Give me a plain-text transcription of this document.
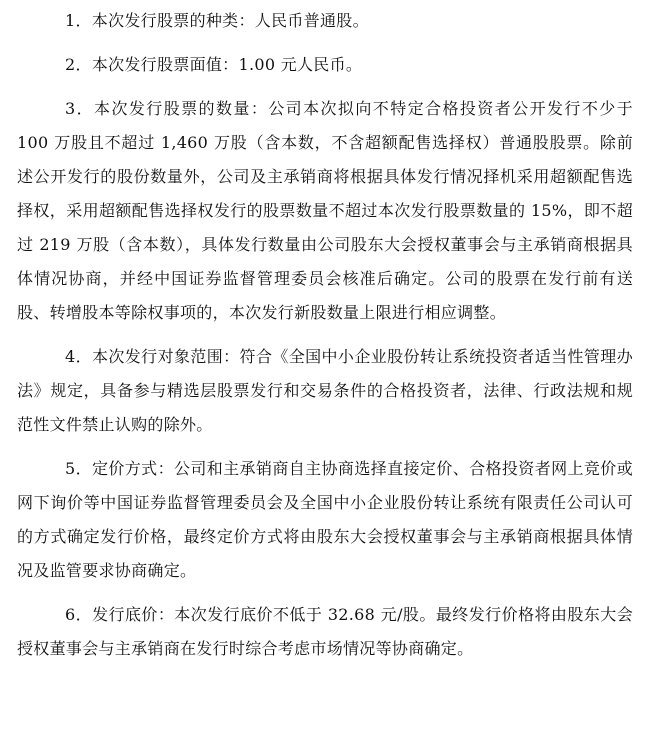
1．本次发行股票的种类：人民币普通股。

2．本次发行股票面值：1.00 元人民币。

3．本次发行股票的数量：公司本次拟向不特定合格投资者公开发行不少于 100 万股且不超过 1,460 万股（含本数，不含超额配售选择权）普通股股票。除前述公开发行的股份数量外，公司及主承销商将根据具体发行情况择机采用超额配售选择权，采用超额配售选择权发行的股票数量不超过本次发行股票数量的 15%，即不超过 219 万股（含本数），具体发行数量由公司股东大会授权董事会与主承销商根据具体情况协商，并经中国证券监督管理委员会核准后确定。公司的股票在发行前有送股、转增股本等除权事项的，本次发行新股数量上限进行相应调整。

4．本次发行对象范围：符合《全国中小企业股份转让系统投资者适当性管理办法》规定，具备参与精选层股票发行和交易条件的合格投资者，法律、行政法规和规范性文件禁止认购的除外。

5．定价方式：公司和主承销商自主协商选择直接定价、合格投资者网上竞价或网下询价等中国证券监督管理委员会及全国中小企业股份转让系统有限责任公司认可的方式确定发行价格，最终定价方式将由股东大会授权董事会与主承销商根据具体情况及监管要求协商确定。

6．发行底价：本次发行底价不低于 32.68 元/股。最终发行价格将由股东大会授权董事会与主承销商在发行时综合考虑市场情况等协商确定。
